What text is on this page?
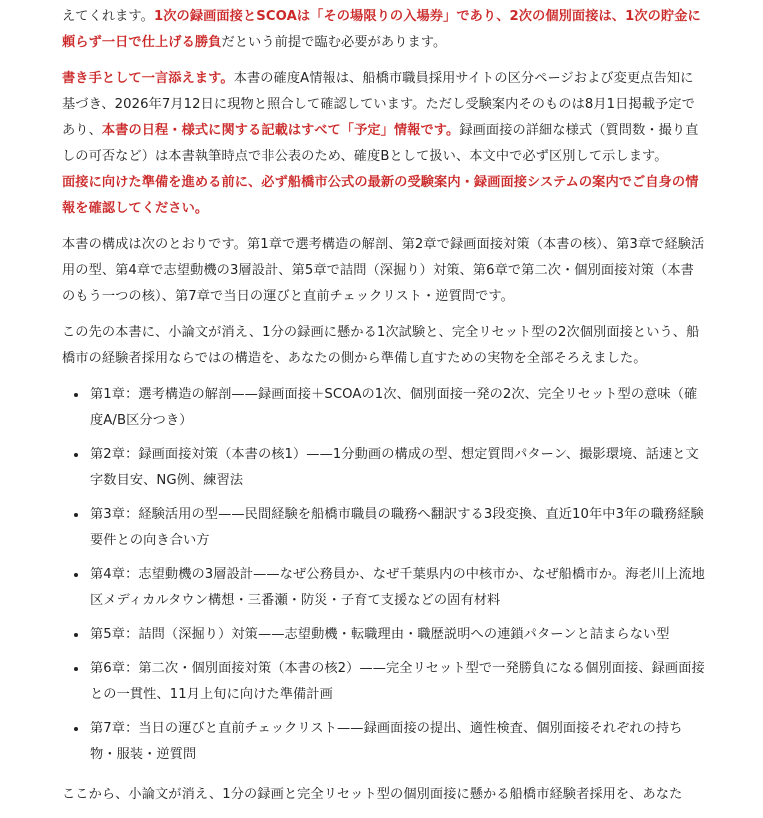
えてくれます。1次の録画面接とSCOAは「その場限りの入場券」であり、2次の個別面接は、1次の貯金に頼らず一日で仕上げる勝負だという前提で臨む必要があります。

書き手として一言添えます。本書の確度A情報は、船橋市職員採用サイトの区分ページおよび変更点告知に基づき、2026年7月12日に現物と照合して確認しています。ただし受験案内そのものは8月1日掲載予定であり、本書の日程・様式に関する記載はすべて「予定」情報です。録画面接の詳細な様式（質問数・撮り直しの可否など）は本書執筆時点で非公表のため、確度Bとして扱い、本文中で必ず区別して示します。
面接に向けた準備を進める前に、必ず船橋市公式の最新の受験案内・録画面接システムの案内でご自身の情報を確認してください。

本書の構成は次のとおりです。第1章で選考構造の解剖、第2章で録画面接対策（本書の核）、第3章で経験活用の型、第4章で志望動機の3層設計、第5章で詰問（深掘り）対策、第6章で第二次・個別面接対策（本書のもう一つの核）、第7章で当日の運びと直前チェックリスト・逆質問です。

この先の本書に、小論文が消え、1分の録画に懸かる1次試験と、完全リセット型の2次個別面接という、船橋市の経験者採用ならではの構造を、あなたの側から準備し直すための実物を全部そろえました。

• 第1章：選考構造の解剖——録画面接＋SCOAの1次、個別面接一発の2次、完全リセット型の意味（確度A/B区分つき）
• 第2章：録画面接対策（本書の核1）——1分動画の構成の型、想定質問パターン、撮影環境、話速と文字数目安、NG例、練習法
• 第3章：経験活用の型——民間経験を船橋市職員の職務へ翻訳する3段変換、直近10年中3年の職務経験要件との向き合い方
• 第4章：志望動機の3層設計——なぜ公務員か、なぜ千葉県内の中核市か、なぜ船橋市か。海老川上流地区メディカルタウン構想・三番瀬・防災・子育て支援などの固有材料
• 第5章：詰問（深掘り）対策——志望動機・転職理由・職歴説明への連鎖パターンと詰まらない型
• 第6章：第二次・個別面接対策（本書の核2）——完全リセット型で一発勝負になる個別面接、録画面接との一貫性、11月上旬に向けた準備計画
• 第7章：当日の運びと直前チェックリスト——録画面接の提出、適性検査、個別面接それぞれの持ち物・服装・逆質問

ここから、小論文が消え、1分の録画と完全リセット型の個別面接に懸かる船橋市経験者採用を、あなた
